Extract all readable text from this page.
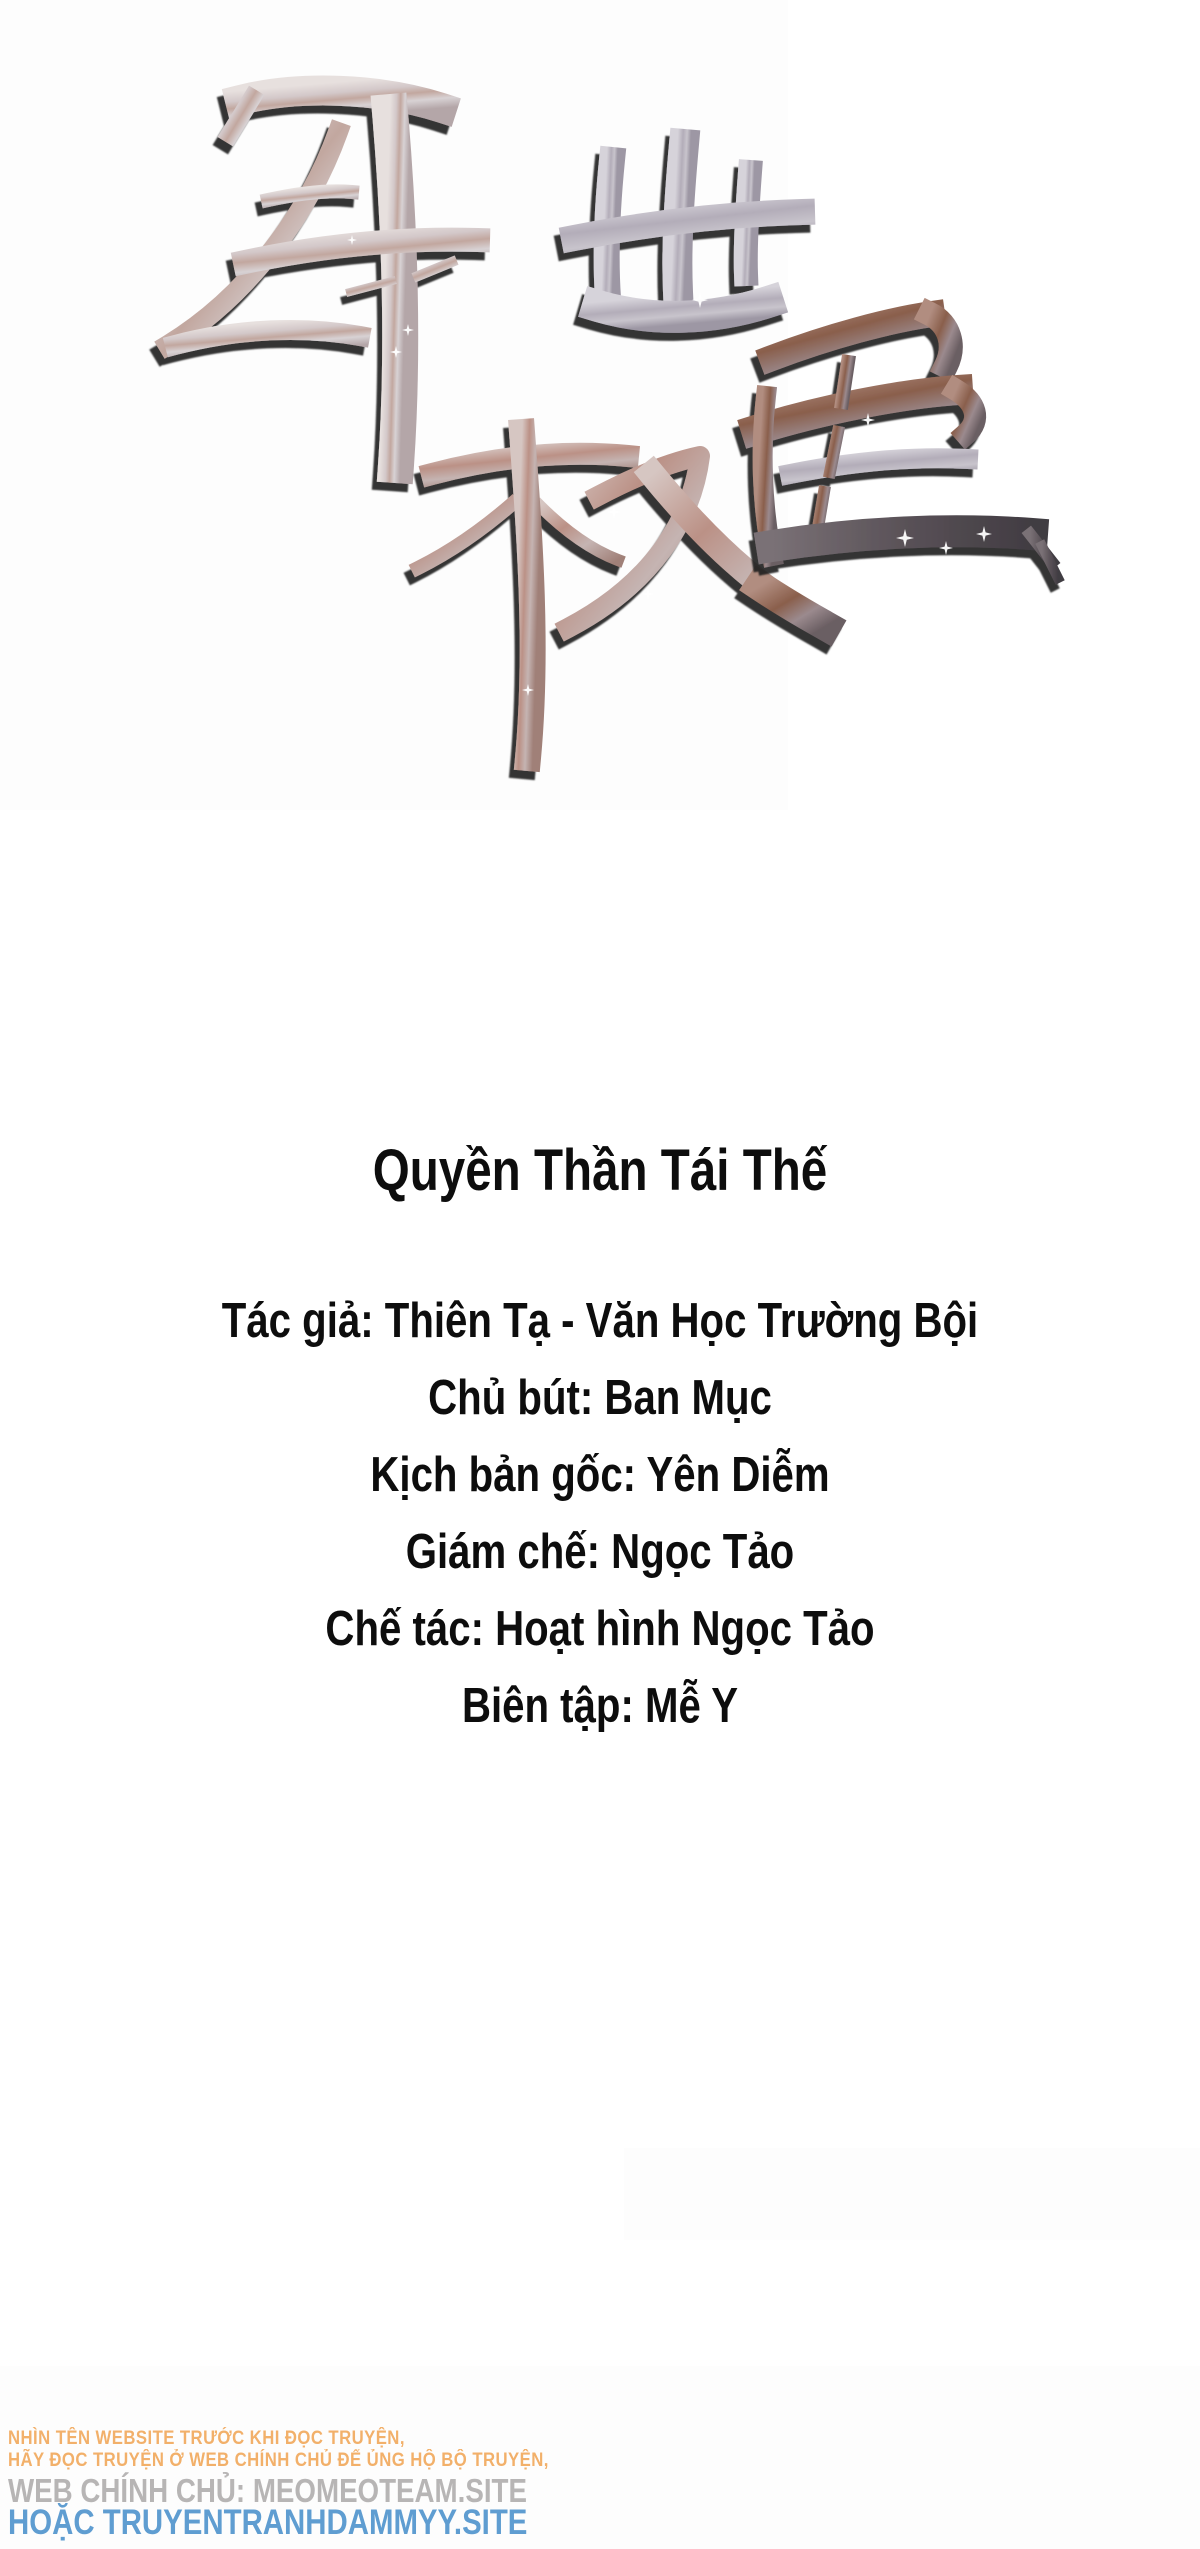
Quyền Thần Tái Thế
Tác giả: Thiên Tạ - Văn Học Trường Bội
Chủ bút: Ban Mục
Kịch bản gốc: Yên Diễm
Giám chế: Ngọc Tảo
Chế tác: Hoạt hình Ngọc Tảo
Biên tập: Mễ Y
NHÌN TÊN WEBSITE TRƯỚC KHI ĐỌC TRUYỆN,
HÃY ĐỌC TRUYỆN Ở WEB CHÍNH CHỦ ĐỂ ỦNG HỘ BỘ TRUYỆN,
WEB CHÍNH CHỦ: MEOMEOTEAM.SITE
HOẶC TRUYENTRANHDAMMYY.SITE
